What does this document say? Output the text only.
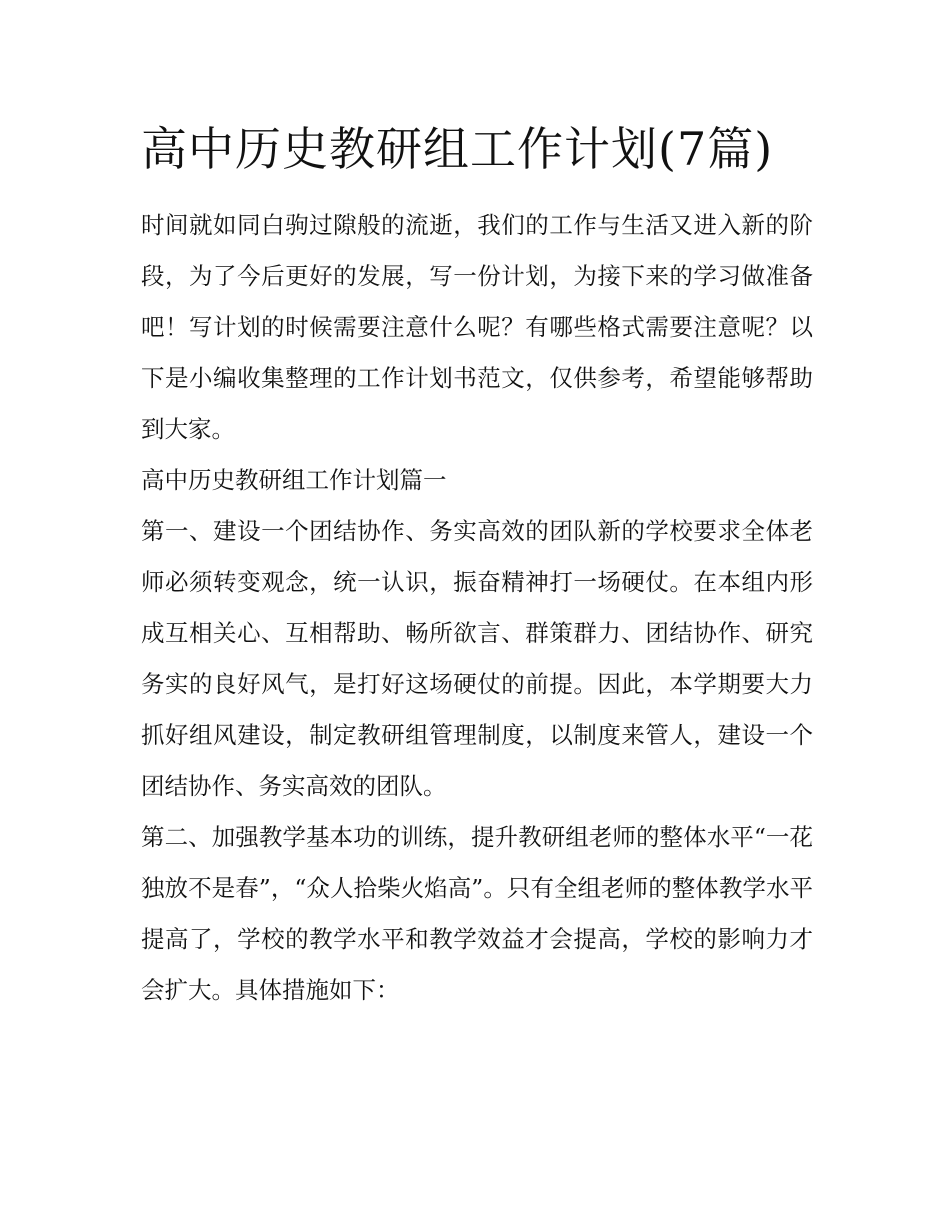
高中历史教研组工作计划(7篇)

时间就如同白驹过隙般的流逝，我们的工作与生活又进入新的阶段，为了今后更好的发展，写一份计划，为接下来的学习做准备吧！写计划的时候需要注意什么呢？有哪些格式需要注意呢？以下是小编收集整理的工作计划书范文，仅供参考，希望能够帮助到大家。

高中历史教研组工作计划篇一

第一、建设一个团结协作、务实高效的团队新的学校要求全体老师必须转变观念，统一认识，振奋精神打一场硬仗。在本组内形成互相关心、互相帮助、畅所欲言、群策群力、团结协作、研究务实的良好风气，是打好这场硬仗的前提。因此，本学期要大力抓好组风建设，制定教研组管理制度，以制度来管人，建设一个团结协作、务实高效的团队。

第二、加强教学基本功的训练，提升教研组老师的整体水平“一花独放不是春”，“众人拾柴火焰高”。只有全组老师的整体教学水平提高了，学校的教学水平和教学效益才会提高，学校的影响力才会扩大。具体措施如下：
